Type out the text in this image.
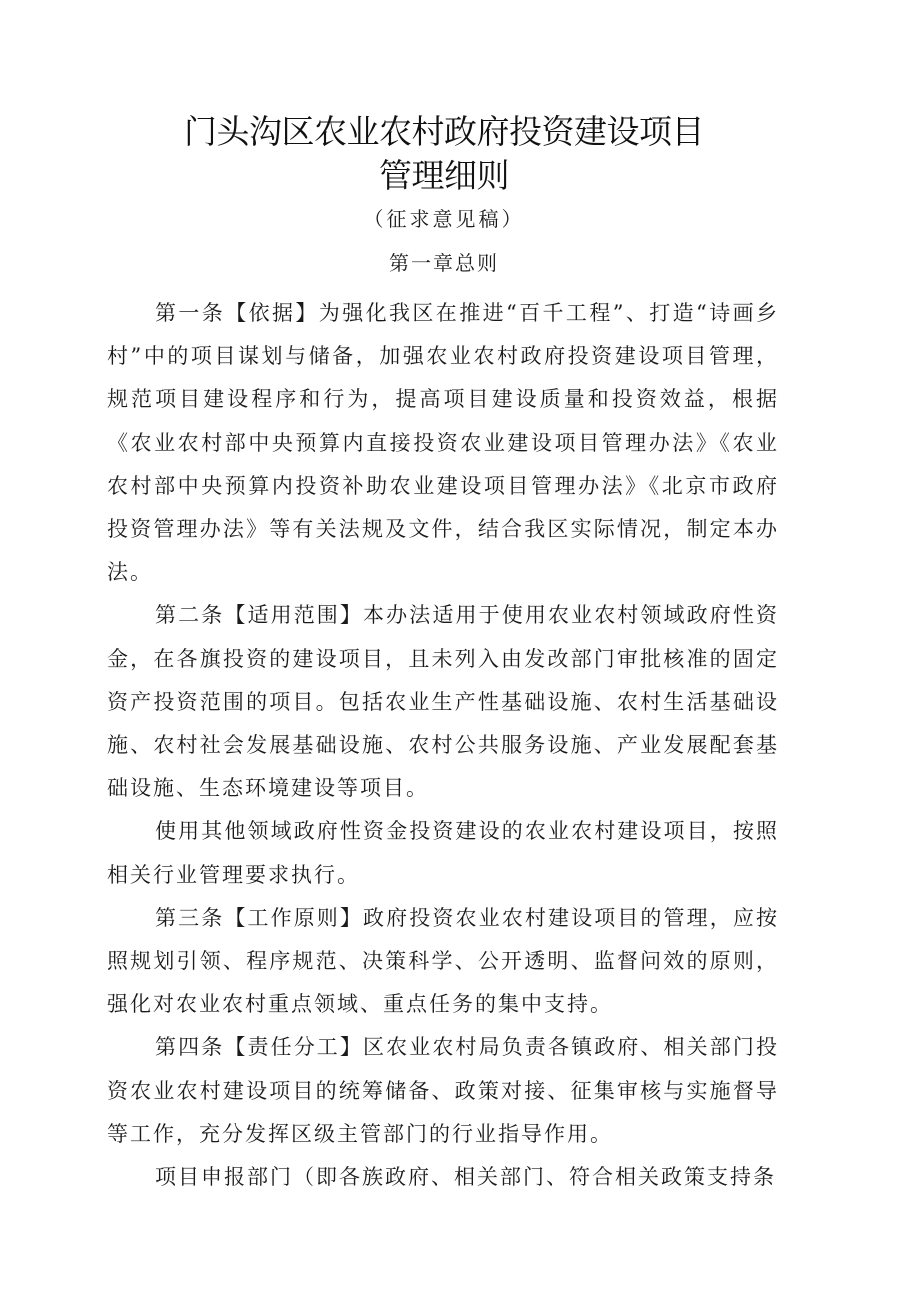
门头沟区农业农村政府投资建设项目
管理细则
（征求意见稿）
第一章总则

第一条【依据】为强化我区在推进“百千工程”、打造“诗画乡村”中的项目谋划与储备，加强农业农村政府投资建设项目管理，规范项目建设程序和行为，提高项目建设质量和投资效益，根据《农业农村部中央预算内直接投资农业建设项目管理办法》《农业农村部中央预算内投资补助农业建设项目管理办法》《北京市政府投资管理办法》等有关法规及文件，结合我区实际情况，制定本办法。

第二条【适用范围】本办法适用于使用农业农村领域政府性资金，在各旗投资的建设项目，且未列入由发改部门审批核准的固定资产投资范围的项目。包括农业生产性基础设施、农村生活基础设施、农村社会发展基础设施、农村公共服务设施、产业发展配套基础设施、生态环境建设等项目。

使用其他领域政府性资金投资建设的农业农村建设项目，按照相关行业管理要求执行。

第三条【工作原则】政府投资农业农村建设项目的管理，应按照规划引领、程序规范、决策科学、公开透明、监督问效的原则，强化对农业农村重点领域、重点任务的集中支持。

第四条【责任分工】区农业农村局负责各镇政府、相关部门投资农业农村建设项目的统筹储备、政策对接、征集审核与实施督导等工作，充分发挥区级主管部门的行业指导作用。

项目申报部门（即各族政府、相关部门、符合相关政策支持条
